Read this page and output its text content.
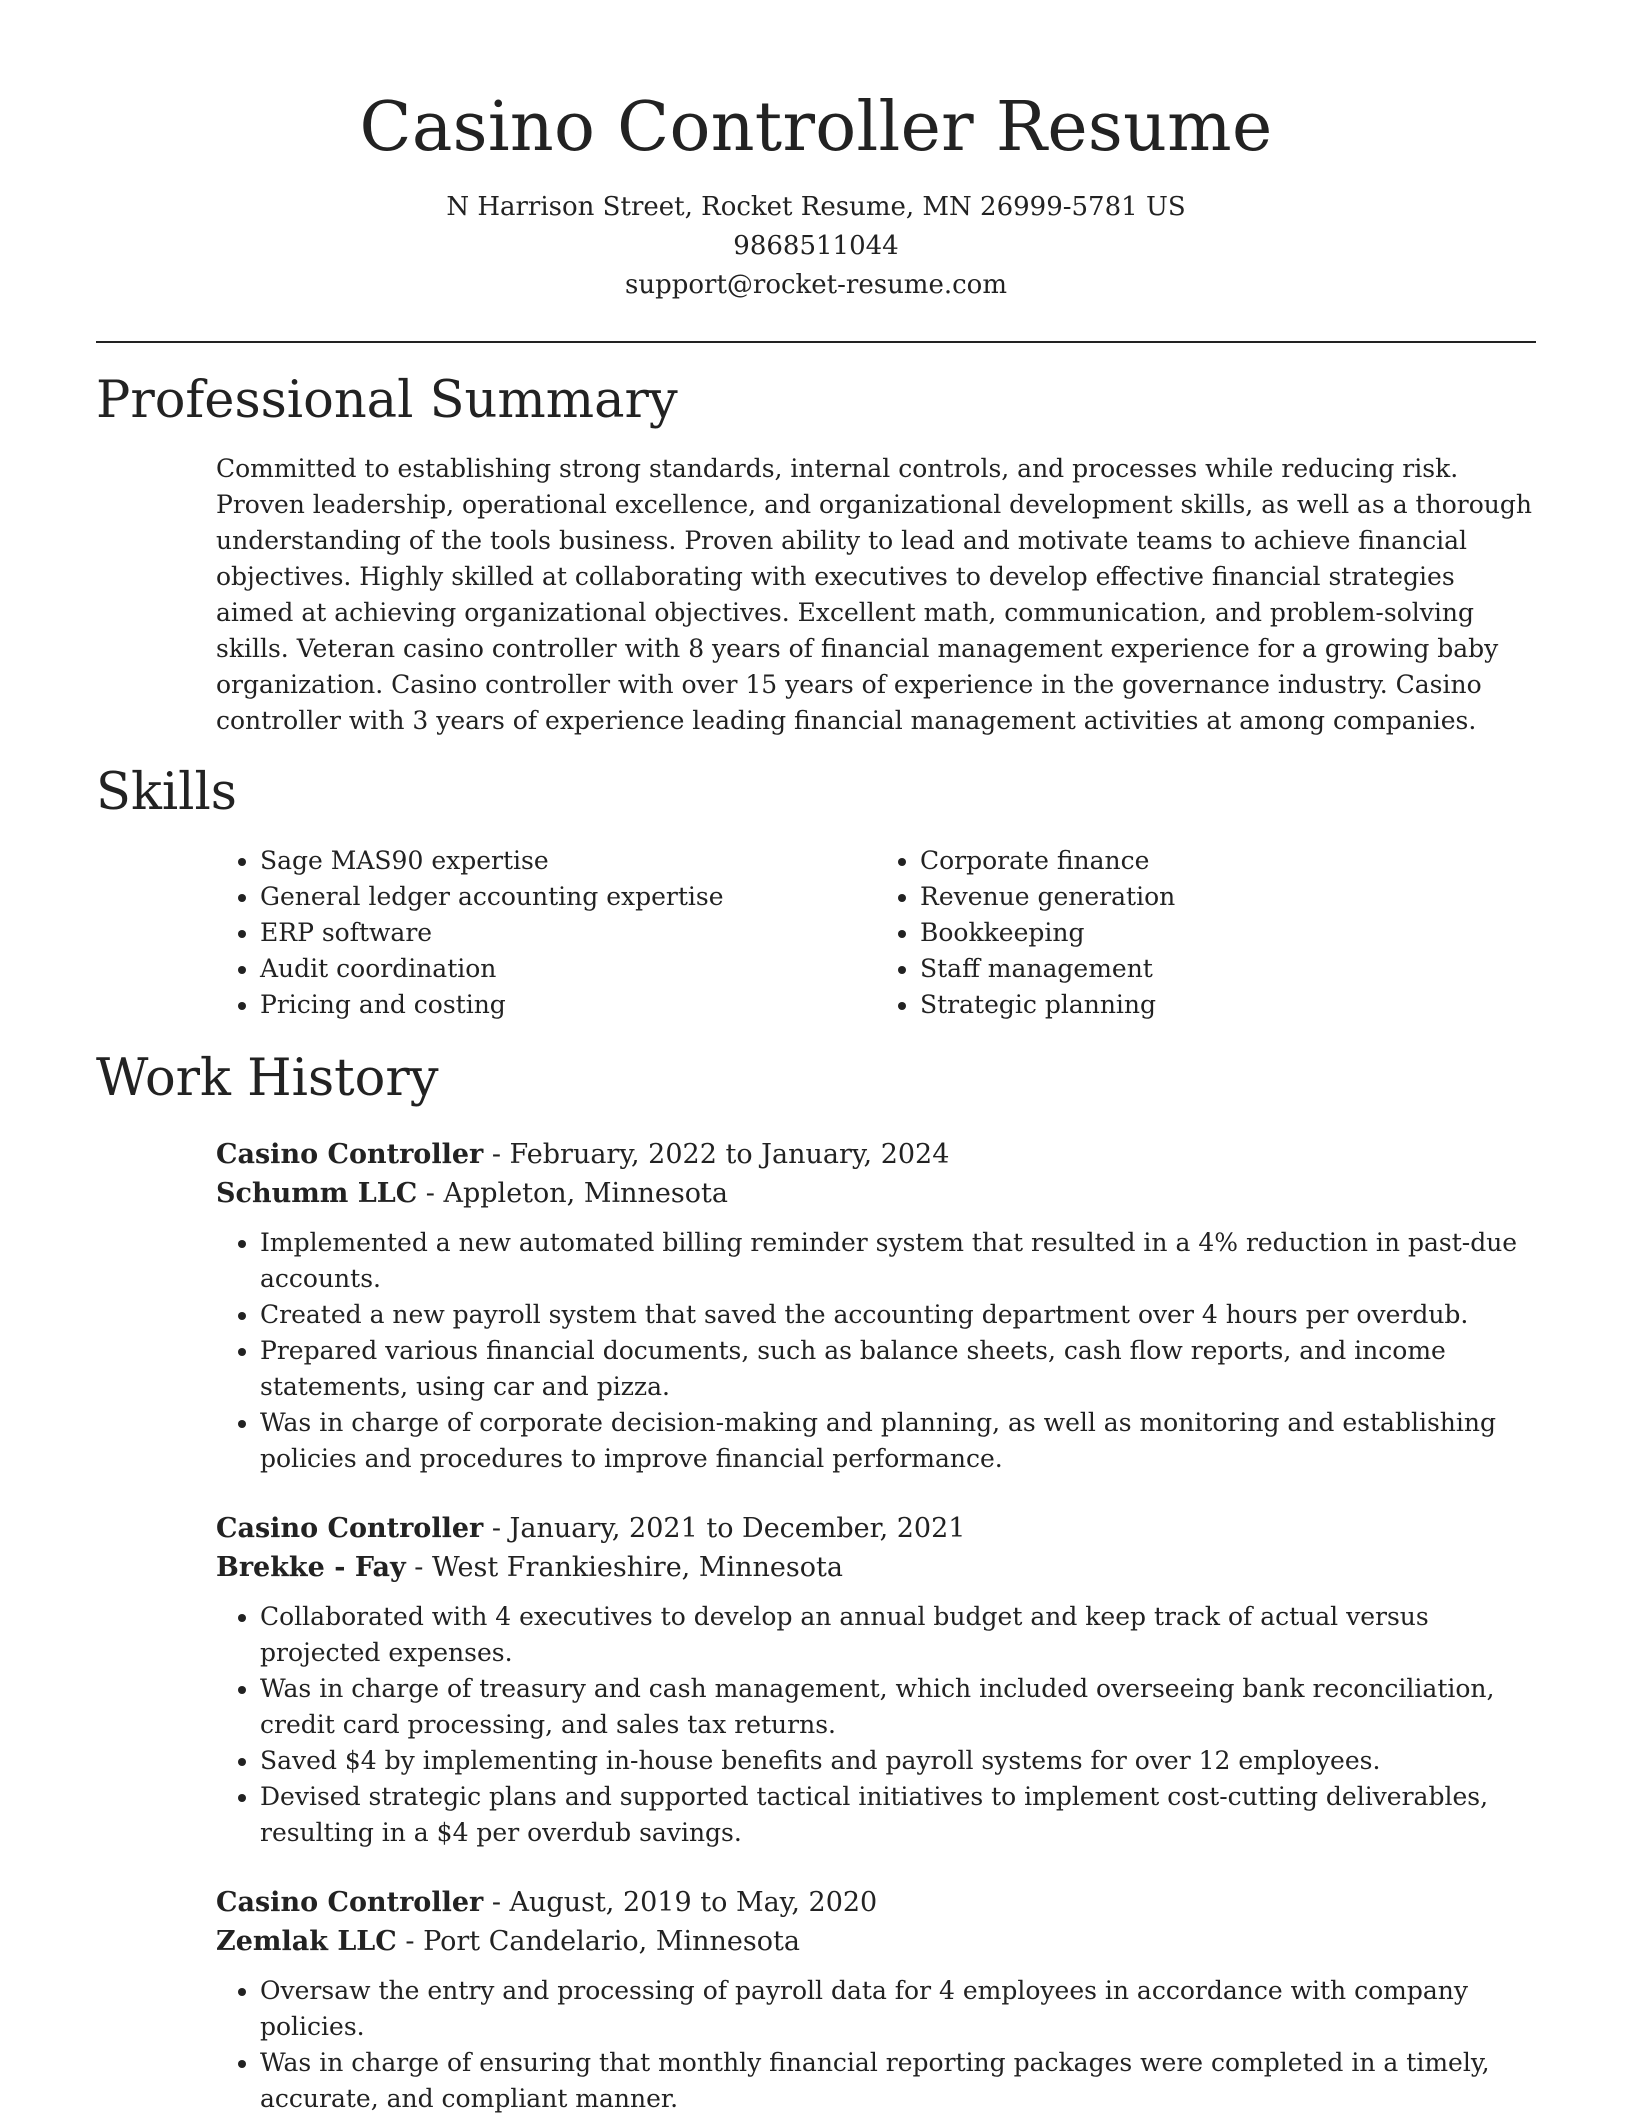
Casino Controller Resume
N Harrison Street, Rocket Resume, MN 26999-5781 US
9868511044
support@rocket-resume.com
Professional Summary

Committed to establishing strong standards, internal controls, and processes while reducing risk. Proven leadership, operational excellence, and organizational development skills, as well as a thorough understanding of the tools business. Proven ability to lead and motivate teams to achieve financial objectives. Highly skilled at collaborating with executives to develop effective financial strategies aimed at achieving organizational objectives. Excellent math, communication, and problem-solving skills. Veteran casino controller with 8 years of financial management experience for a growing baby organization. Casino controller with over 15 years of experience in the governance industry. Casino controller with 3 years of experience leading financial management activities at among companies.

Skills
• Sage MAS90 expertise
• General ledger accounting expertise
• ERP software
• Audit coordination
• Pricing and costing
• Corporate finance
• Revenue generation
• Bookkeeping
• Staff management
• Strategic planning
Work History
Casino Controller - February, 2022 to January, 2024
Schumm LLC - Appleton, Minnesota
• Implemented a new automated billing reminder system that resulted in a 4% reduction in past-due accounts.
• Created a new payroll system that saved the accounting department over 4 hours per overdub.
• Prepared various financial documents, such as balance sheets, cash flow reports, and income statements, using car and pizza.
• Was in charge of corporate decision-making and planning, as well as monitoring and establishing policies and procedures to improve financial performance.
Casino Controller - January, 2021 to December, 2021
Brekke - Fay - West Frankieshire, Minnesota
• Collaborated with 4 executives to develop an annual budget and keep track of actual versus projected expenses.
• Was in charge of treasury and cash management, which included overseeing bank reconciliation, credit card processing, and sales tax returns.
• Saved $4 by implementing in-house benefits and payroll systems for over 12 employees.
• Devised strategic plans and supported tactical initiatives to implement cost-cutting deliverables, resulting in a $4 per overdub savings.
Casino Controller - August, 2019 to May, 2020
Zemlak LLC - Port Candelario, Minnesota
• Oversaw the entry and processing of payroll data for 4 employees in accordance with company policies.
• Was in charge of ensuring that monthly financial reporting packages were completed in a timely, accurate, and compliant manner.
